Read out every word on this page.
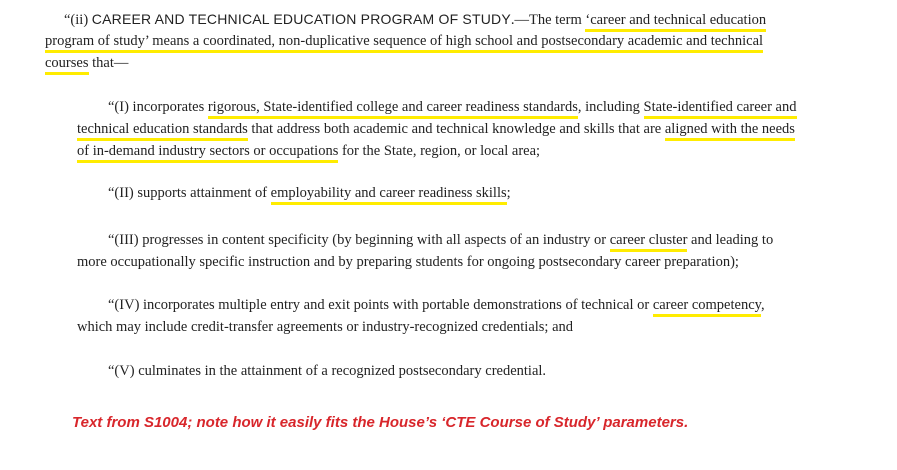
“(ii) CAREER AND TECHNICAL EDUCATION PROGRAM OF STUDY.—The term ‘career and technical education
program of study’ means a coordinated, non-duplicative sequence of high school and postsecondary academic and technical
courses that—
“(I) incorporates rigorous, State-identified college and career readiness standards, including State-identified career and
technical education standards that address both academic and technical knowledge and skills that are aligned with the needs
of in-demand industry sectors or occupations for the State, region, or local area;
“(II) supports attainment of employability and career readiness skills;
“(III) progresses in content specificity (by beginning with all aspects of an industry or career cluster and leading to
more occupationally specific instruction and by preparing students for ongoing postsecondary career preparation);
“(IV) incorporates multiple entry and exit points with portable demonstrations of technical or career competency,
which may include credit-transfer agreements or industry-recognized credentials; and
“(V) culminates in the attainment of a recognized postsecondary credential.
Text from S1004; note how it easily fits the House’s ‘CTE Course of Study’ parameters.
